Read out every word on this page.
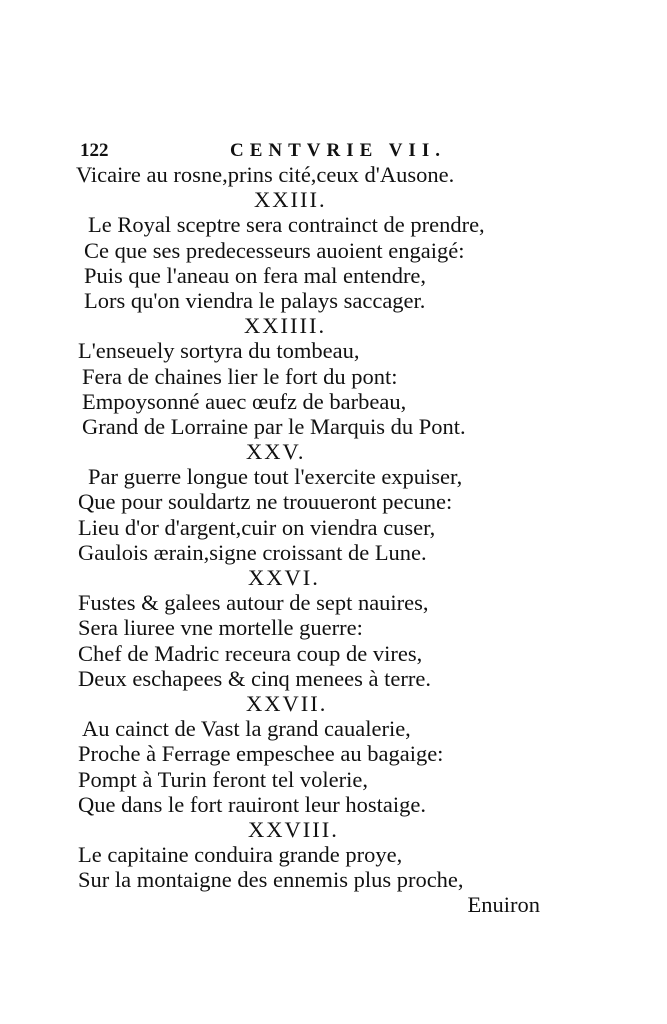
122	CENTVRIE VII.
Vicaire au rosne,prins cité,ceux d'Ausone.
XXIII.
Le Royal sceptre sera contrainct de prendre,
Ce que ses predecesseurs auoient engaigé:
Puis que l'aneau on fera mal entendre,
Lors qu'on viendra le palays saccager.
XXIIII.
L'enseuely sortyra du tombeau,
Fera de chaines lier le fort du pont:
Empoysonné auec œufz de barbeau,
Grand de Lorraine par le Marquis du Pont.
XXV.
Par guerre longue tout l'exercite expuiser,
Que pour souldartz ne trouueront pecune:
Lieu d'or d'argent,cuir on viendra cuser,
Gaulois ærain,signe croissant de Lune.
XXVI.
Fustes & galees autour de sept nauires,
Sera liuree vne mortelle guerre:
Chef de Madric receura coup de vires,
Deux eschapees & cinq menees à terre.
XXVII.
Au cainct de Vast la grand caualerie,
Proche à Ferrage empeschee au bagaige:
Pompt à Turin feront tel volerie,
Que dans le fort rauiront leur hostaige.
XXVIII.
Le capitaine conduira grande proye,
Sur la montaigne des ennemis plus proche,
Enuiron
